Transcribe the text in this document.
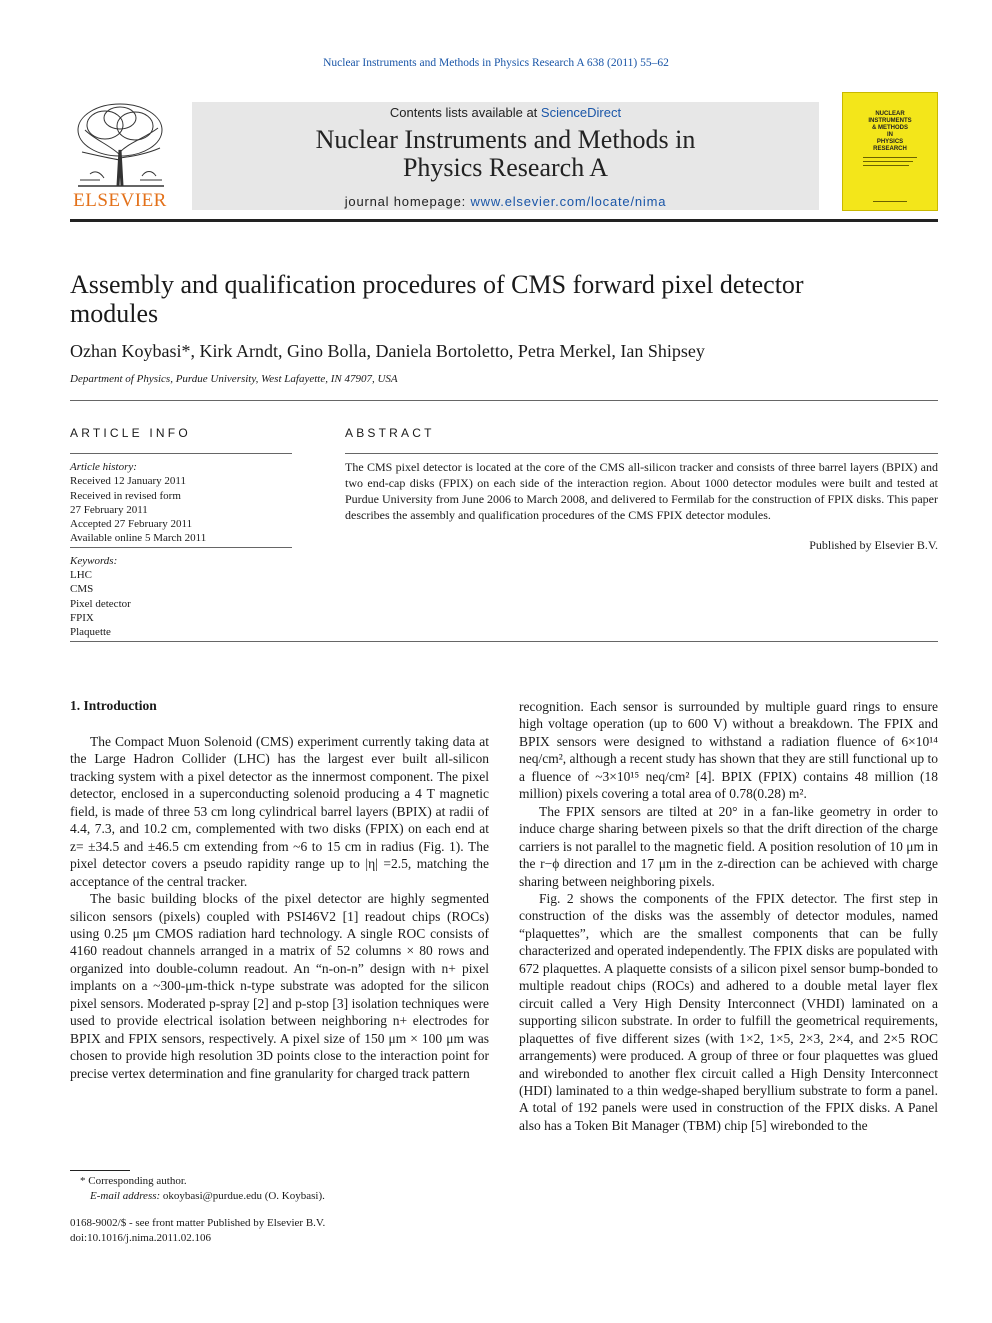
Nuclear Instruments and Methods in Physics Research A 638 (2011) 55–62
ELSEVIER
Contents lists available at ScienceDirect
Nuclear Instruments and Methods in
Physics Research A
journal homepage: www.elsevier.com/locate/nima
NUCLEAR
INSTRUMENTS
& METHODS
IN
PHYSICS
RESEARCH
Assembly and qualification procedures of CMS forward pixel detector modules
Ozhan Koybasi*, Kirk Arndt, Gino Bolla, Daniela Bortoletto, Petra Merkel, Ian Shipsey
Department of Physics, Purdue University, West Lafayette, IN 47907, USA
ARTICLE INFO	ABSTRACT
Article history:
Received 12 January 2011
Received in revised form
27 February 2011
Accepted 27 February 2011
Available online 5 March 2011
Keywords:
LHC
CMS
Pixel detector
FPIX
Plaquette
The CMS pixel detector is located at the core of the CMS all-silicon tracker and consists of three barrel layers (BPIX) and two end-cap disks (FPIX) on each side of the interaction region. About 1000 detector modules were built and tested at Purdue University from June 2006 to March 2008, and delivered to Fermilab for the construction of FPIX disks. This paper describes the assembly and qualification procedures of the CMS FPIX detector modules.
Published by Elsevier B.V.
1. Introduction

The Compact Muon Solenoid (CMS) experiment currently taking data at the Large Hadron Collider (LHC) has the largest ever built all-silicon tracking system with a pixel detector as the innermost component. The pixel detector, enclosed in a superconducting solenoid producing a 4 T magnetic field, is made of three 53 cm long cylindrical barrel layers (BPIX) at radii of 4.4, 7.3, and 10.2 cm, complemented with two disks (FPIX) on each end at z= ±34.5 and ±46.5 cm extending from ~6 to 15 cm in radius (Fig. 1). The pixel detector covers a pseudo rapidity range up to |η| =2.5, matching the acceptance of the central tracker.

The basic building blocks of the pixel detector are highly segmented silicon sensors (pixels) coupled with PSI46V2 [1] readout chips (ROCs) using 0.25 μm CMOS radiation hard technology. A single ROC consists of 4160 readout channels arranged in a matrix of 52 columns × 80 rows and organized into double-column readout. An “n-on-n” design with n+ pixel implants on a ~300-μm-thick n-type substrate was adopted for the silicon pixel sensors. Moderated p-spray [2] and p-stop [3] isolation techniques were used to provide electrical isolation between neighboring n+ electrodes for BPIX and FPIX sensors, respectively. A pixel size of 150 μm × 100 μm was chosen to provide high resolution 3D points close to the interaction point for precise vertex determination and fine granularity for charged track pattern

recognition. Each sensor is surrounded by multiple guard rings to ensure high voltage operation (up to 600 V) without a breakdown. The FPIX and BPIX sensors were designed to withstand a radiation fluence of 6×10¹⁴ neq/cm², although a recent study has shown that they are still functional up to a fluence of ~3×10¹⁵ neq/cm² [4]. BPIX (FPIX) contains 48 million (18 million) pixels covering a total area of 0.78(0.28) m².

The FPIX sensors are tilted at 20° in a fan-like geometry in order to induce charge sharing between pixels so that the drift direction of the charge carriers is not parallel to the magnetic field. A position resolution of 10 μm in the r−ϕ direction and 17 μm in the z-direction can be achieved with charge sharing between neighboring pixels.

Fig. 2 shows the components of the FPIX detector. The first step in construction of the disks was the assembly of detector modules, named “plaquettes”, which are the smallest components that can be fully characterized and operated independently. The FPIX disks are populated with 672 plaquettes. A plaquette consists of a silicon pixel sensor bump-bonded to multiple readout chips (ROCs) and adhered to a double metal layer flex circuit called a Very High Density Interconnect (VHDI) laminated on a supporting silicon substrate. In order to fulfill the geometrical requirements, plaquettes of five different sizes (with 1×2, 1×5, 2×3, 2×4, and 2×5 ROC arrangements) were produced. A group of three or four plaquettes was glued and wirebonded to another flex circuit called a High Density Interconnect (HDI) laminated to a thin wedge-shaped beryllium substrate to form a panel. A total of 192 panels were used in construction of the FPIX disks. A Panel also has a Token Bit Manager (TBM) chip [5] wirebonded to the

* Corresponding author.
E-mail address: okoybasi@purdue.edu (O. Koybasi).
0168-9002/$ - see front matter Published by Elsevier B.V.
doi:10.1016/j.nima.2011.02.106
